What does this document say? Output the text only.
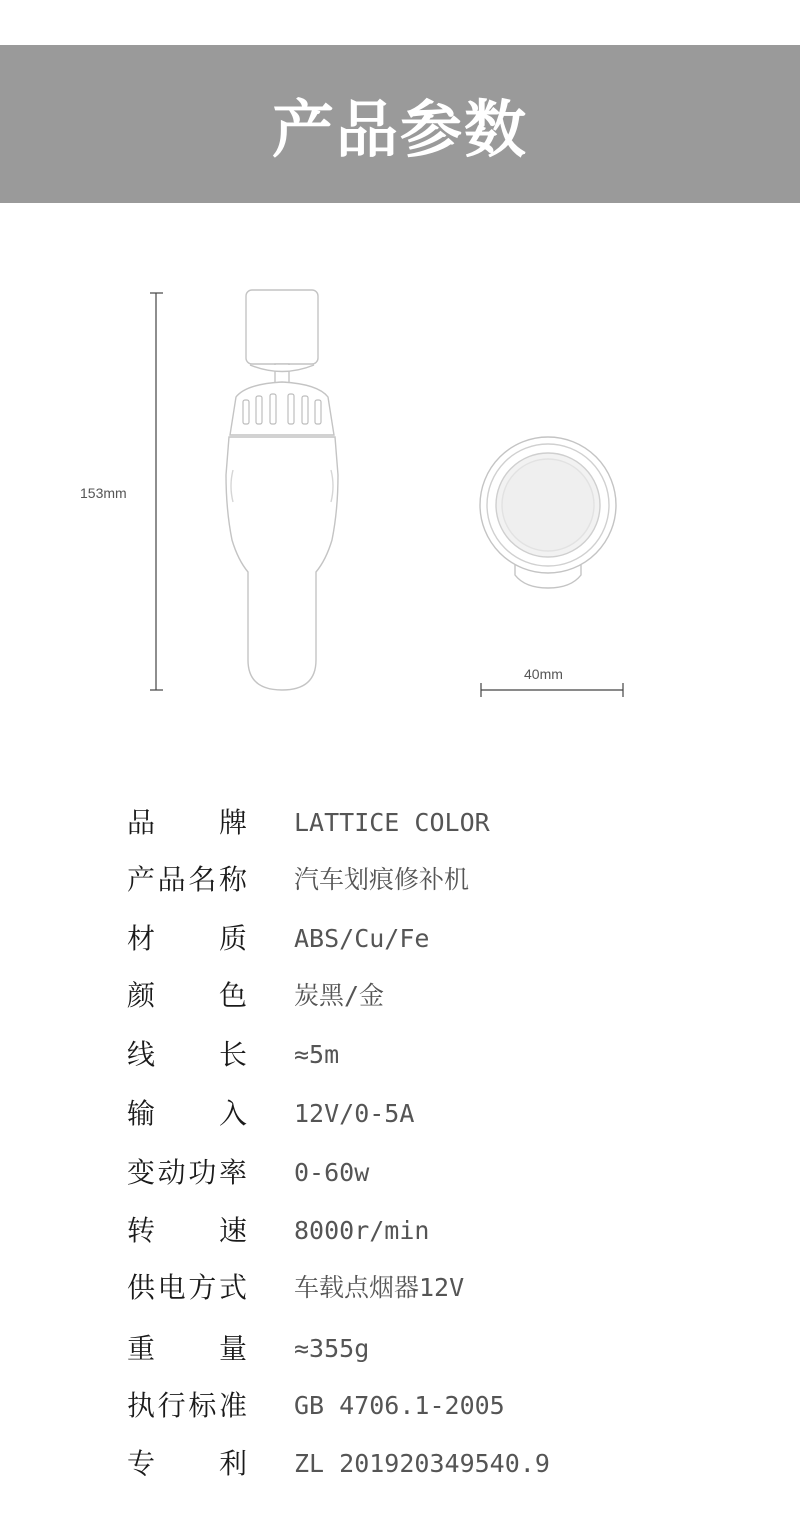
产品参数
153mm
40mm
品牌 LATTICE COLOR
产品名称 汽车划痕修补机
材质 ABS/Cu/Fe
颜色 炭黑/金
线长 ≈5m
输入 12V/0-5A
变动功率 0-60w
转速 8000r/min
供电方式 车载点烟器12V
重量 ≈355g
执行标准 GB 4706.1-2005
专利 ZL 201920349540.9
